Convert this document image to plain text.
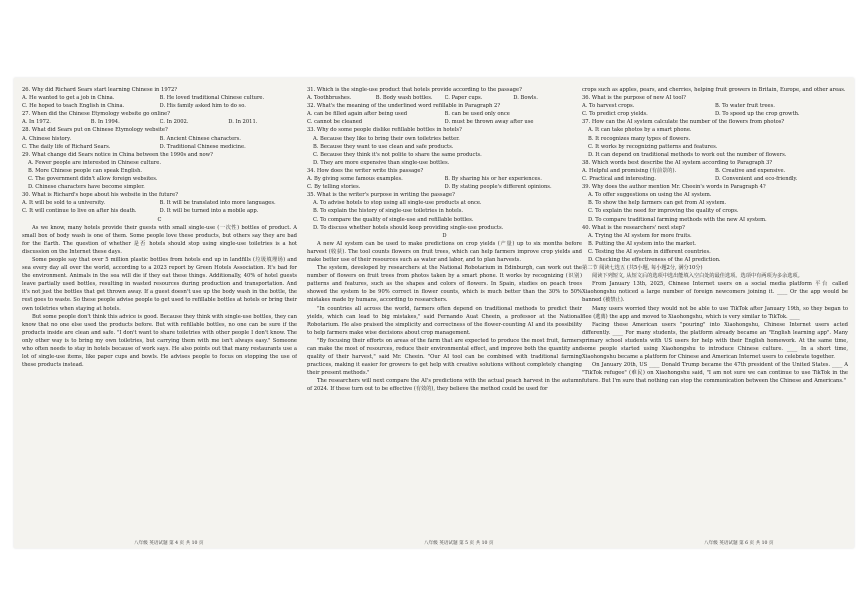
26. Why did Richard Sears start learning Chinese in 1972?

A. He wanted to get a job in China.	B. He loved traditional Chinese culture.
C. He hoped to teach English in China.	D. His family asked him to do so.

27. When did the Chinese Etymology website go online?

A. In 1972.	B. In 1994.	C. In 2002.	D. In 2011.

28. What did Sears put on Chinese Etymology website?

A. Chinese history.	B. Ancient Chinese characters.
C. The daily life of Richard Sears.	D. Traditional Chinese medicine.

29. What change did Sears notice in China between the 1990s and now?

A. Fewer people are interested in Chinese culture.

B. More Chinese people can speak English.

C. The government didn't allow foreign websites.

D. Chinese characters have become simpler.

30. What is Richard's hope about his website in the future?

A. It will be sold to a university.	B. It will be translated into more languages.
C. It will continue to live on after his death.	D. It will be turned into a mobile app.

C

As we know, many hotels provide their guests with small single-use (一次性) bottles of product. A small box of body wash is one of them. Some people love these products, but others say they are bad for the Earth. The question of whether 是否 hotels should stop using single-use toiletries is a hot discussion on the Internet these days.

Some people say that over 5 million plastic bottles from hotels end up in landfills (垃圾填埋场) and sea every day all over the world, according to a 2023 report by Green Hotels Association. It's bad for the environment. Animals in the sea will die if they eat these things. Additionally, 40% of hotel guests leave partially used bottles, resulting in wasted resources during production and transportation. And it's not just the bottles that get thrown away. If a guest doesn't use up the body wash in the bottle, the rest goes to waste. So these people advise people to get used to refillable bottles at hotels or bring their own toiletries when staying at hotels.

But some people don't think this advice is good. Because they think with single-use bottles, they can know that no one else used the products before. But with refillable bottles, no one can be sure if the products inside are clean and safe. "I don't want to share toiletries with other people I don't know. The only other way is to bring my own toiletries, but carrying them with me isn't always easy." Someone who often needs to stay in hotels because of work says. He also points out that many restaurants use a lot of single-use items, like paper cups and bowls. He advises people to focus on stopping the use of these products instead.

31. Which is the single-use product that hotels provide according to the passage?

A. Toothbrushes.	B. Body wash bottles.	C. Paper cups.	D. Bowls.

32. What's the meaning of the underlined word refillable in Paragraph 2?

A. can be filled again after being used	B. can be used only once
C. cannot be cleaned	D. must be thrown away after use

33. Why do some people dislike refillable bottles in hotels?

A. Because they like to bring their own toiletries better.

B. Because they want to use clean and safe products.

C. Because they think it's not polite to share the same products.

D. They are more expensive than single-use bottles.

34. How does the writer write this passage?

A. By giving some famous examples.	B. By sharing his or her experiences.
C. By telling stories.	D. By stating people's different opinions.

35. What is the writer's purpose in writing the passage?

A. To advise hotels to stop using all single-use products at once.

B. To explain the history of single-use toiletries in hotels.

C. To compare the quality of single-use and refillable bottles.

D. To discuss whether hotels should keep providing single-use products.

D

A new AI system can be used to make predictions on crop yields (产量) up to six months before harvest (收获). The tool counts flowers on fruit trees, which can help farmers improve crop yields and make better use of their resources such as water and labor, and to plan harvests.

The system, developed by researchers at the National Robotarium in Edinburgh, can work out the number of flowers on fruit trees from photos taken by a smart phone. It works by recognizing (识别) patterns and features, such as the shapes and colors of flowers. In Spain, studies on peach trees showed the system to be 90% correct in flower counts, which is much better than the 30% to 50% mistakes made by humans, according to researchers.

"In countries all across the world, farmers often depend on traditional methods to predict their yields, which can lead to big mistakes," said Fernando Auat Cheein, a professor at the National Robotarium. He also praised the simplicity and correctness of the flower-counting AI and its possibility to help farmers make wise decisions about crop management.

"By focusing their efforts on areas of the farm that are expected to produce the most fruit, farmers can make the most of resources, reduce their environmental effect, and improve both the quantity and quality of their harvest," said Mr. Cheein. "Our AI tool can be combined with traditional farming practices, making it easier for growers to get help with creative solutions without completely changing their present methods."

The researchers will next compare the AI's predictions with the actual peach harvest in the autumn of 2024. If these turn out to be effective (有效的), they believe the method could be used for

crops such as apples, pears, and cherries, helping fruit growers in Britain, Europe, and other areas.

36. What is the purpose of new AI tool?

A. To harvest crops.	B. To water fruit trees.
C. To predict crop yields.	D. To speed up the crop growth.

37. How can the AI system calculate the number of the flowers from photos?

A. It can take photos by a smart phone.

B. It recognizes many types of flowers.

C. It works by recognizing patterns and features.

D. It can depend on traditional methods to work out the number of flowers.

38. Which words best describe the AI system according to Paragraph 3?

A. Helpful and promising (有前景的).	B. Creative and expensive.
C. Practical and interesting.	D. Convenient and eco-friendly.

39. Why does the author mention Mr. Cheein's words in Paragraph 4?

A. To offer suggestions on using the AI system.

B. To show the help farmers can get from AI system.

C. To explain the need for improving the quality of crops.

D. To compare traditional farming methods with the new AI system.

40. What is the researchers' next step?

A. Trying the AI system for more fruits.

B. Putting the AI system into the market.

C. Testing the AI system in different countries.

D. Checking the effectiveness of the AI prediction.

第二节 阅读七选五 (共5小题, 每小题2分, 满分10分)

阅读下列短文, 从短文后的选项中选出能填入空白处的最佳选项。选项中有两项为多余选项。

From January 13th, 2025, Chinese Internet users on a social media platform 平台 called Xiaohongshu noticed a large number of foreign newcomers joining it. ____ Or the app would be banned (被禁止).

Many users worried they would not be able to use TikTok after January 19th, so they began to flee (逃离) the app and moved to Xiaohongshu, which is very similar to TikTok. ____

Facing these American users "pouring" into Xiaohongshu, Chinese Internet users acted differently. ____ For many students, the platform already became an "English learning app". Many primary school students with US users for help with their English homework. At the same time, some people started using Xiaohongshu to introduce Chinese culture. ____ In a short time, Xiaohongshu became a platform for Chinese and American Internet users to celebrate together.

On January 20th, US ____ Donald Trump became the 47th president of the United States. ____ A "TikTok refugee" (难民) on Xiaohongshu said, "I am not sure we can continue to use TikTok in the future. But I'm sure that nothing can stop the communication between the Chinese and Americans."

八年级 英语试题 第 4 页 共 10 页	八年级 英语试题 第 5 页 共 10 页	八年级 英语试题 第 6 页 共 10 页
